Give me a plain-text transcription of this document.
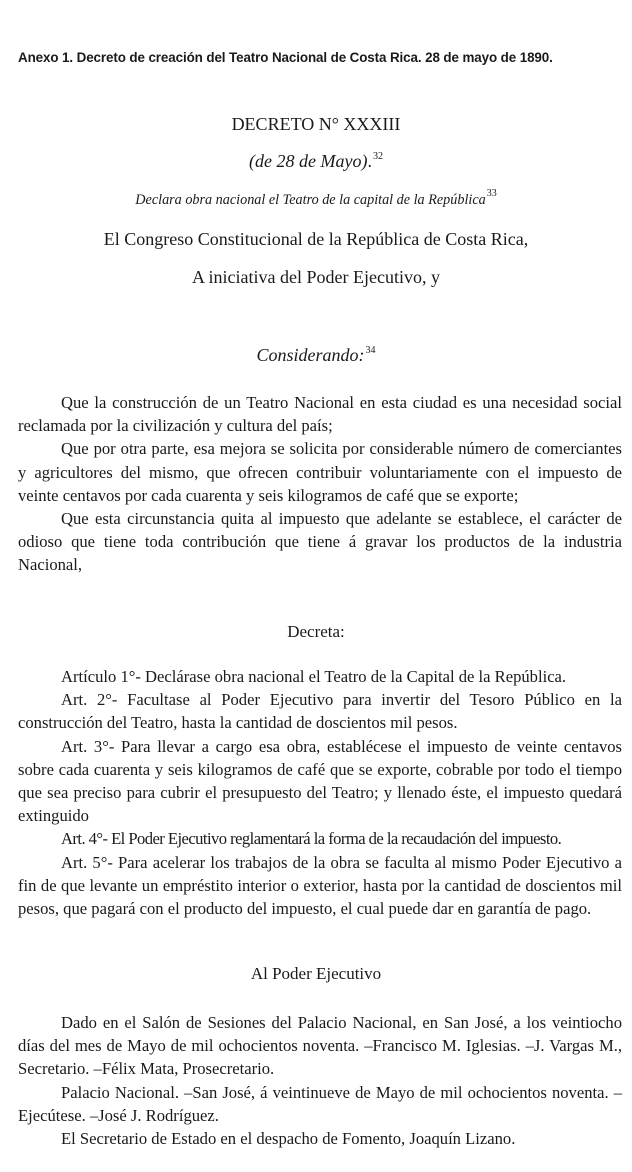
Anexo 1. Decreto de creación del Teatro Nacional de Costa Rica. 28 de mayo de 1890.
DECRETO N° XXXIII
(de 28 de Mayo).$^{32}$
Declara obra nacional el Teatro de la capital de la República$^{33}$
El Congreso Constitucional de la República de Costa Rica,
A iniciativa del Poder Ejecutivo, y
Considerando:$^{34}$

Que la construcción de un Teatro Nacional en esta ciudad es una necesidad social reclamada por la civilización y cultura del país;

Que por otra parte, esa mejora se solicita por considerable número de comerciantes y agricultores del mismo, que ofrecen contribuir voluntariamente con el impuesto de veinte centavos por cada cuarenta y seis kilogramos de café que se exporte;

Que esta circunstancia quita al impuesto que adelante se establece, el carácter de odioso que tiene toda contribución que tiene á gravar los productos de la industria Nacional,

Decreta:

Artículo 1°- Declárase obra nacional el Teatro de la Capital de la República.

Art. 2°- Facultase al Poder Ejecutivo para invertir del Tesoro Público en la construcción del Teatro, hasta la cantidad de doscientos mil pesos.

Art. 3°- Para llevar a cargo esa obra, establécese el impuesto de veinte centavos sobre cada cuarenta y seis kilogramos de café que se exporte, cobrable por todo el tiempo que sea preciso para cubrir el presupuesto del Teatro; y llenado éste, el impuesto quedará extinguido

Art. 4°- El Poder Ejecutivo reglamentará la forma de la recaudación del impuesto.

Art. 5°- Para acelerar los trabajos de la obra se faculta al mismo Poder Ejecutivo a fin de que levante un empréstito interior o exterior, hasta por la cantidad de doscientos mil pesos, que pagará con el producto del impuesto, el cual puede dar en garantía de pago.

Al Poder Ejecutivo

Dado en el Salón de Sesiones del Palacio Nacional, en San José, a los veintiocho días del mes de Mayo de mil ochocientos noventa. –Francisco M. Iglesias. –J. Vargas M., Secretario. –Félix Mata, Prosecretario.

Palacio Nacional. –San José, á veintinueve de Mayo de mil ochocientos noventa. –Ejecútese. –José J. Rodríguez.

El Secretario de Estado en el despacho de Fomento, Joaquín Lizano.
